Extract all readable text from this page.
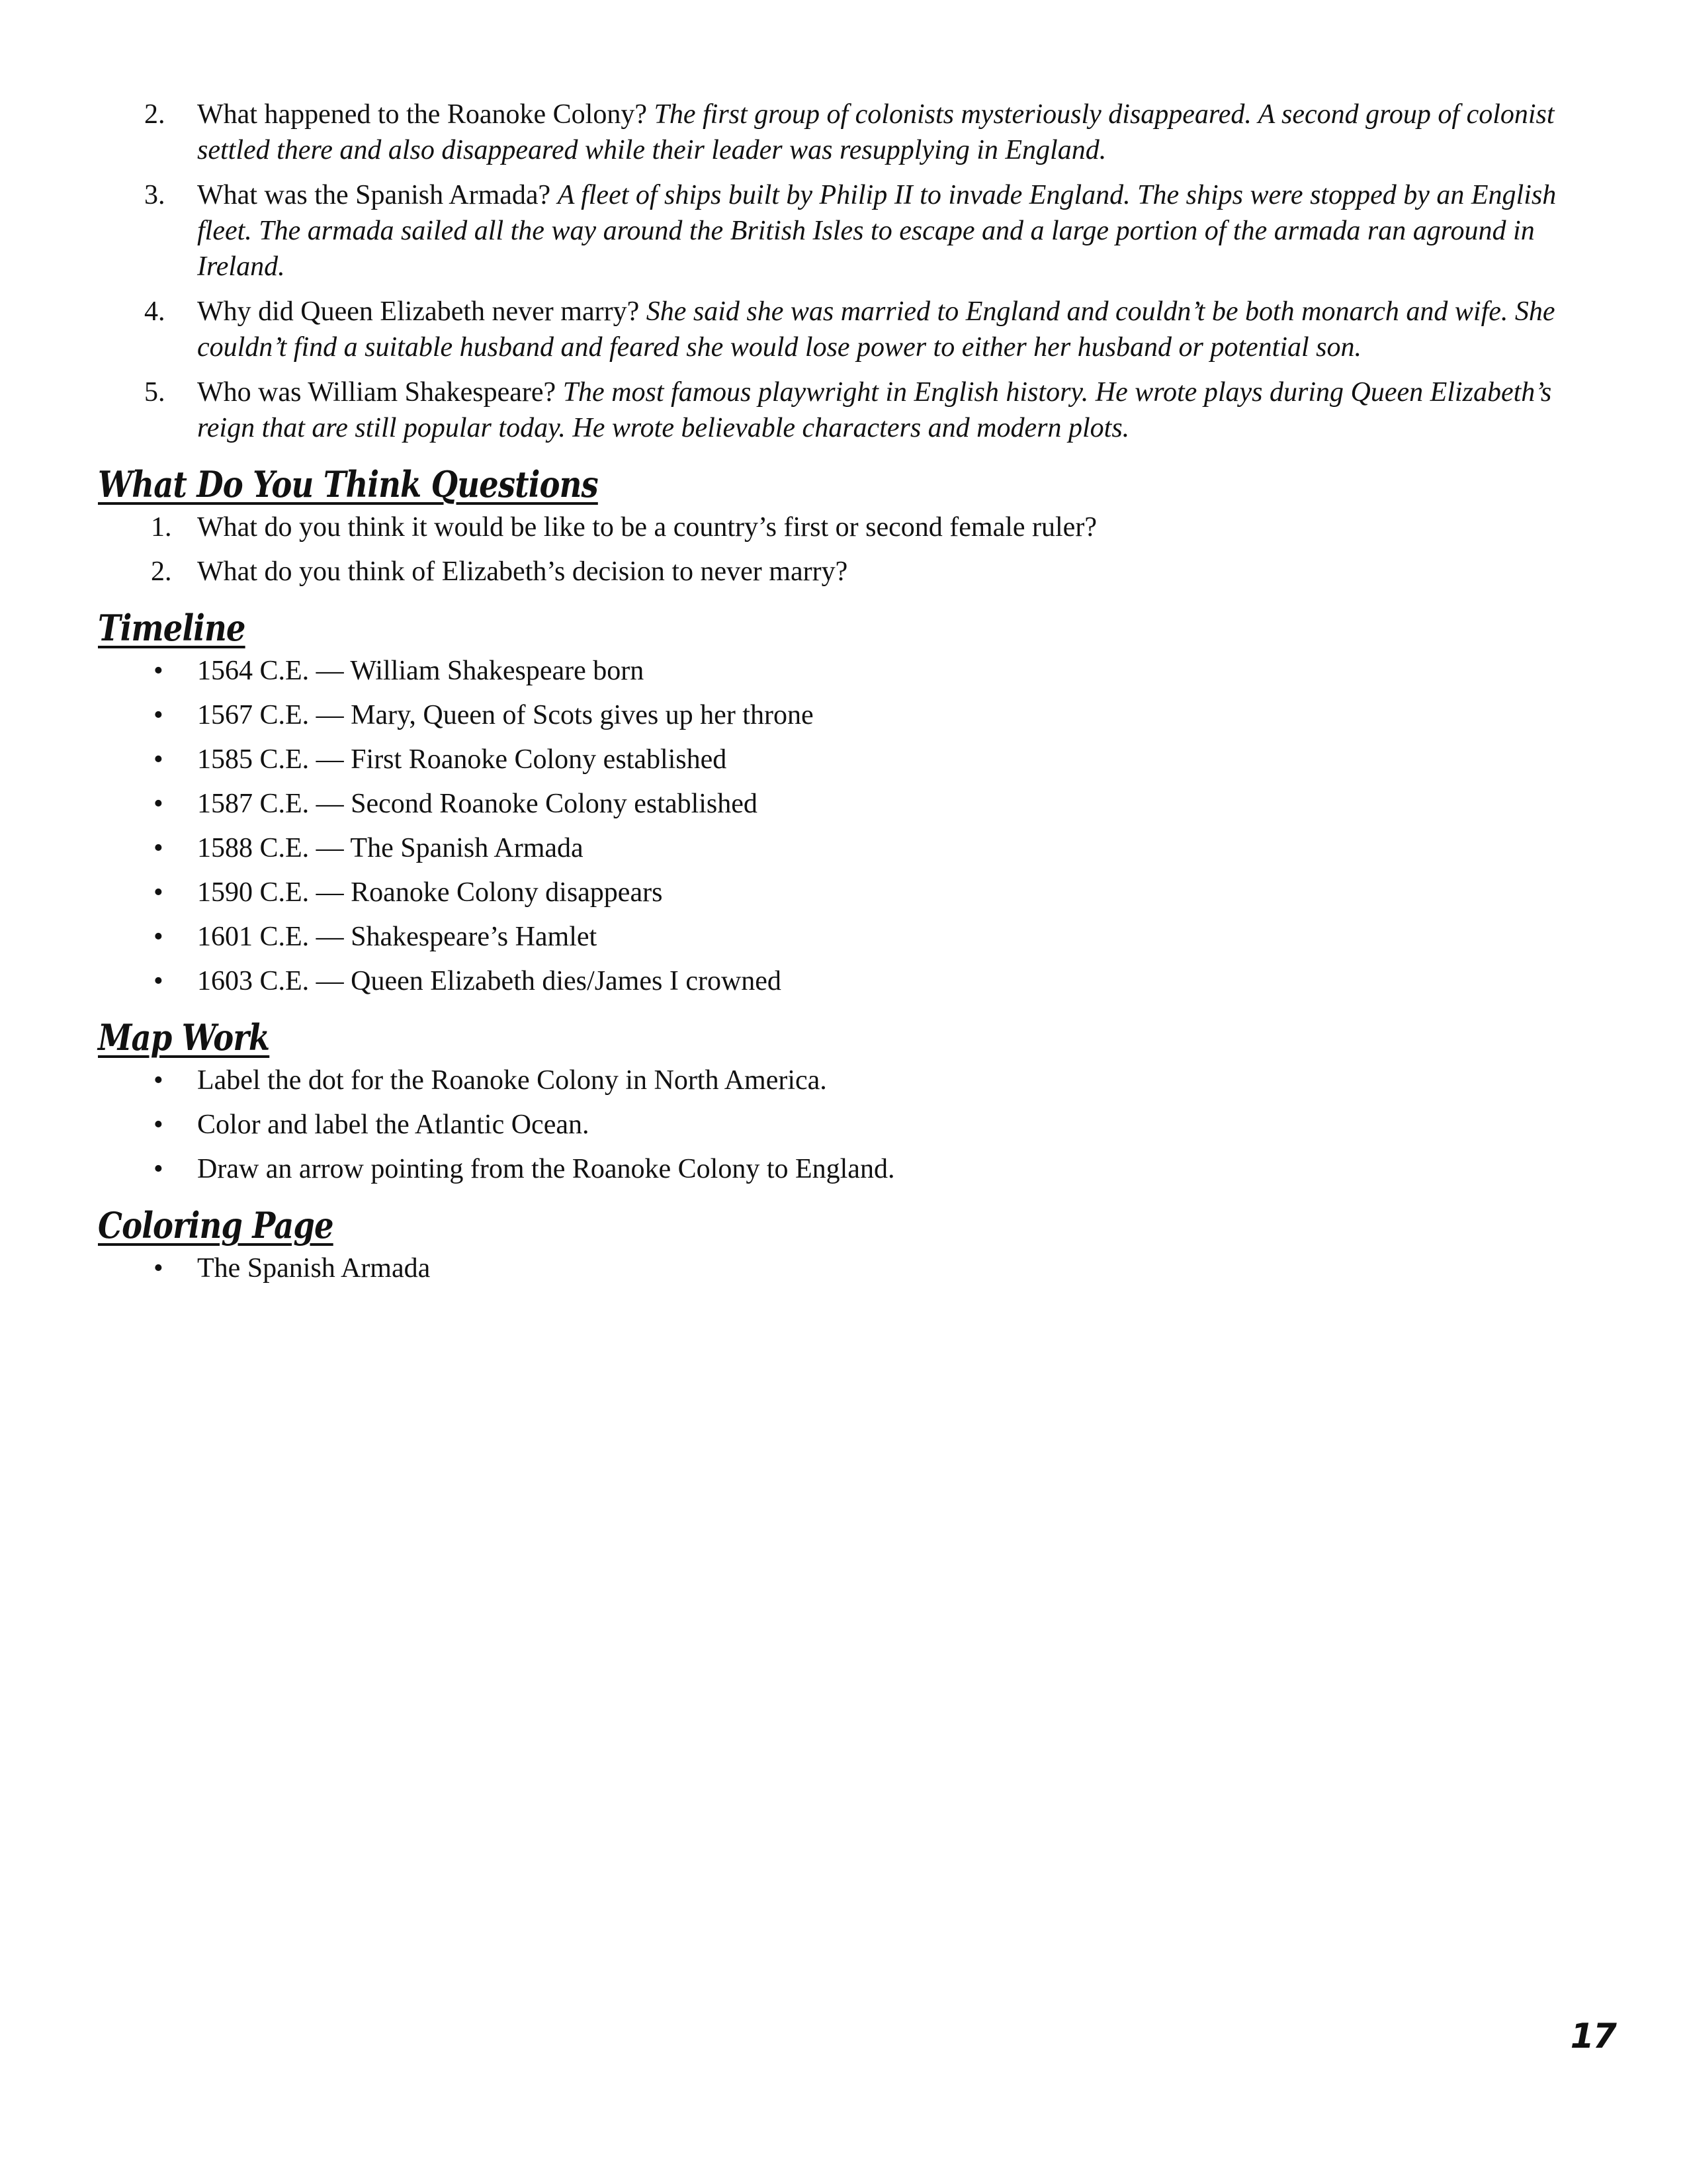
2.	What happened to the Roanoke Colony? The first group of colonists mysteriously disappeared. A second group of colonist settled there and also disappeared while their leader was resupplying in England.
3.	What was the Spanish Armada? A fleet of ships built by Philip II to invade England. The ships were stopped by an English fleet. The armada sailed all the way around the British Isles to escape and a large portion of the armada ran aground in Ireland.
4.	Why did Queen Elizabeth never marry? She said she was married to England and couldn’t be both monarch and wife. She couldn’t find a suitable husband and feared she would lose power to either her husband or potential son.
5.	Who was William Shakespeare? The most famous playwright in English history. He wrote plays during Queen Elizabeth’s reign that are still popular today. He wrote believable characters and modern plots.
What Do You Think Questions
1. What do you think it would be like to be a country’s first or second female ruler?
2. What do you think of Elizabeth’s decision to never marry?
Timeline
• 1564 C.E. — William Shakespeare born
• 1567 C.E. — Mary, Queen of Scots gives up her throne
• 1585 C.E. — First Roanoke Colony established
• 1587 C.E. — Second Roanoke Colony established
• 1588 C.E. — The Spanish Armada
• 1590 C.E. — Roanoke Colony disappears
• 1601 C.E. — Shakespeare’s Hamlet
• 1603 C.E. — Queen Elizabeth dies/James I crowned
Map Work
• Label the dot for the Roanoke Colony in North America.
• Color and label the Atlantic Ocean.
• Draw an arrow pointing from the Roanoke Colony to England.
Coloring Page
• The Spanish Armada
17
